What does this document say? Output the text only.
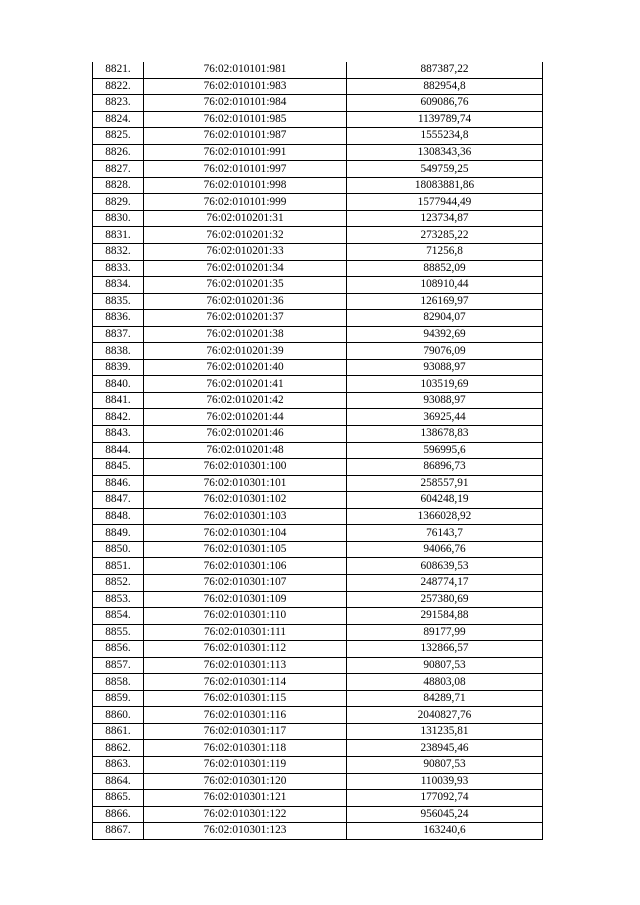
8821.	76:02:010101:981	887387,22
8822.	76:02:010101:983	882954,8
8823.	76:02:010101:984	609086,76
8824.	76:02:010101:985	1139789,74
8825.	76:02:010101:987	1555234,8
8826.	76:02:010101:991	1308343,36
8827.	76:02:010101:997	549759,25
8828.	76:02:010101:998	18083881,86
8829.	76:02:010101:999	1577944,49
8830.	76:02:010201:31	123734,87
8831.	76:02:010201:32	273285,22
8832.	76:02:010201:33	71256,8
8833.	76:02:010201:34	88852,09
8834.	76:02:010201:35	108910,44
8835.	76:02:010201:36	126169,97
8836.	76:02:010201:37	82904,07
8837.	76:02:010201:38	94392,69
8838.	76:02:010201:39	79076,09
8839.	76:02:010201:40	93088,97
8840.	76:02:010201:41	103519,69
8841.	76:02:010201:42	93088,97
8842.	76:02:010201:44	36925,44
8843.	76:02:010201:46	138678,83
8844.	76:02:010201:48	596995,6
8845.	76:02:010301:100	86896,73
8846.	76:02:010301:101	258557,91
8847.	76:02:010301:102	604248,19
8848.	76:02:010301:103	1366028,92
8849.	76:02:010301:104	76143,7
8850.	76:02:010301:105	94066,76
8851.	76:02:010301:106	608639,53
8852.	76:02:010301:107	248774,17
8853.	76:02:010301:109	257380,69
8854.	76:02:010301:110	291584,88
8855.	76:02:010301:111	89177,99
8856.	76:02:010301:112	132866,57
8857.	76:02:010301:113	90807,53
8858.	76:02:010301:114	48803,08
8859.	76:02:010301:115	84289,71
8860.	76:02:010301:116	2040827,76
8861.	76:02:010301:117	131235,81
8862.	76:02:010301:118	238945,46
8863.	76:02:010301:119	90807,53
8864.	76:02:010301:120	110039,93
8865.	76:02:010301:121	177092,74
8866.	76:02:010301:122	956045,24
8867.	76:02:010301:123	163240,6
